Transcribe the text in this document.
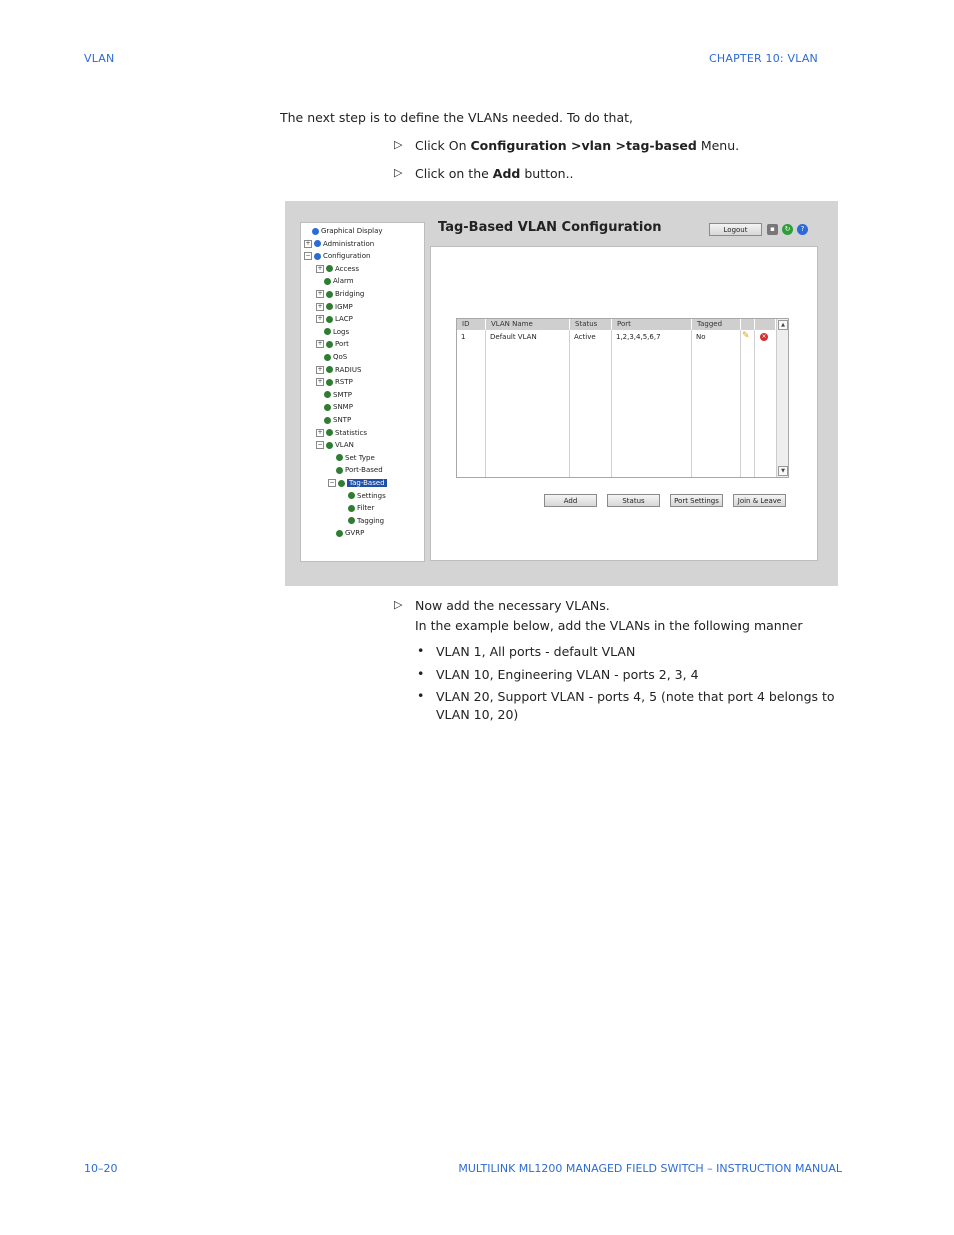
VLAN	CHAPTER 10: VLAN
The next step is to define the VLANs needed. To do that,
▷ Click On Configuration >vlan >tag-based Menu.
▷ Click on the Add button..
Graphical Display
+ Administration
− Configuration
+ Access
Alarm
+ Bridging
+ IGMP
+ LACP
Logs
+ Port
QoS
+ RADIUS
+ RSTP
SMTP
SNMP
SNTP
+ Statistics
− VLAN
Set Type
Port-Based
− Tag-Based
Settings
Filter
Tagging
GVRP
Tag-Based VLAN Configuration	Logout	▪	↻	?
ID	VLAN Name	Status	Port	Tagged
1	Default VLAN	Active	1,2,3,4,5,6,7	No	✎ ×
▲
▼
Add	Status	Port Settings	Join & Leave
▷ Now add the necessary VLANs.
In the example below, add the VLANs in the following manner
• VLAN 1, All ports - default VLAN
• VLAN 10, Engineering VLAN - ports 2, 3, 4
• VLAN 20, Support VLAN - ports 4, 5 (note that port 4 belongs to VLAN 10, 20)
10–20	MULTILINK ML1200 MANAGED FIELD SWITCH – INSTRUCTION MANUAL
